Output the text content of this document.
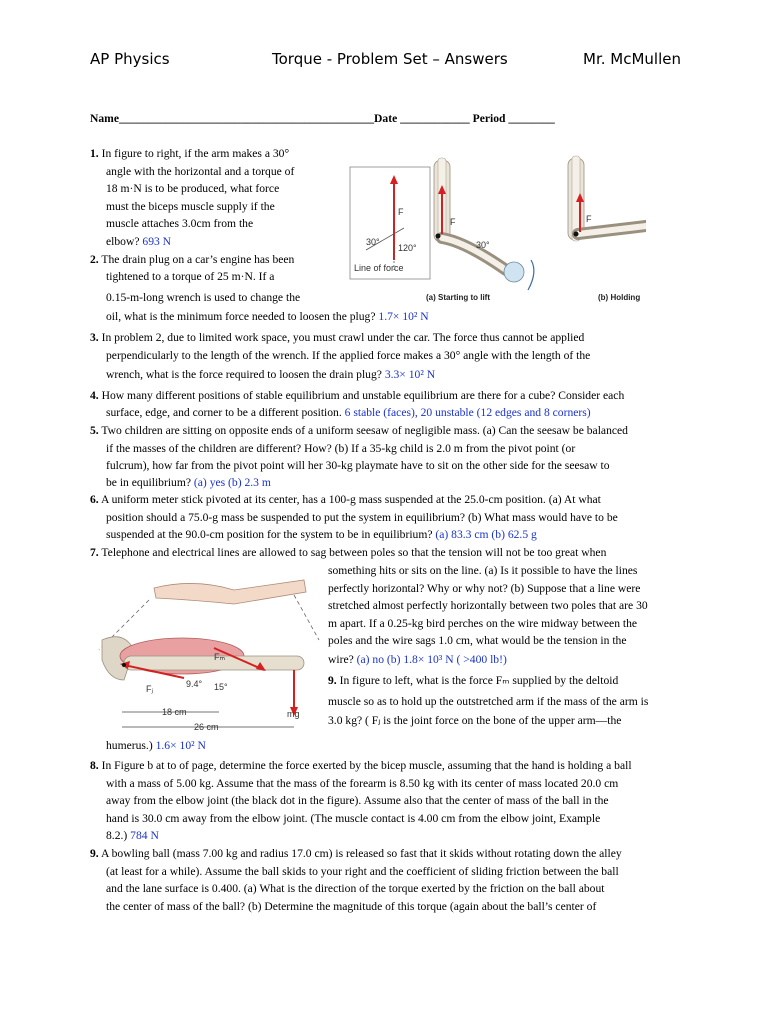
AP Physics	Torque - Problem Set – Answers	Mr. McMullen
Name____________________________________________Date ____________ Period ________
1. In figure to right, if the arm makes a 30°
angle with the horizontal and a torque of
18 m·N is to be produced, what force
must the biceps muscle supply if the
muscle attaches 3.0cm from the
elbow? 693 N
2. The drain plug on a car’s engine has been
tightened to a torque of 25 m·N. If a
0.15-m-long wrench is used to change the
oil, what is the minimum force needed to loosen the plug? 1.7× 10² N
30°
120°
F
Line of force
F
30°
F
(a) Starting to lift	(b) Holding
3. In problem 2, due to limited work space, you must crawl under the car. The force thus cannot be applied
perpendicularly to the length of the wrench. If the applied force makes a 30° angle with the length of the
wrench, what is the force required to loosen the drain plug? 3.3× 10² N
4. How many different positions of stable equilibrium and unstable equilibrium are there for a cube? Consider each
surface, edge, and corner to be a different position. 6 stable (faces), 20 unstable (12 edges and 8 corners)
5. Two children are sitting on opposite ends of a uniform seesaw of negligible mass. (a) Can the seesaw be balanced
if the masses of the children are different? How? (b) If a 35-kg child is 2.0 m from the pivot point (or
fulcrum), how far from the pivot point will her 30-kg playmate have to sit on the other side for the seesaw to
be in equilibrium? (a) yes (b) 2.3 m
6. A uniform meter stick pivoted at its center, has a 100-g mass suspended at the 25.0-cm position. (a) At what
position should a 75.0-g mass be suspended to put the system in equilibrium? (b) What mass would have to be
suspended at the 90.0-cm position for the system to be in equilibrium? (a) 83.3 cm (b) 62.5 g
7. Telephone and electrical lines are allowed to sag between poles so that the tension will not be too great when
something hits or sits on the line. (a) Is it possible to have the lines
perfectly horizontal? Why or why not? (b) Suppose that a line were
stretched almost perfectly horizontally between two poles that are 30
m apart. If a 0.25-kg bird perches on the wire midway between the
poles and the wire sags 1.0 cm, what would be the tension in the
wire? (a) no (b) 1.8× 10³ N ( >400 lb!)
Fₘ
Fⱼ	9.4° 15°
mg
18 cm
26 cm
9. In figure to left, what is the force Fₘ supplied by the deltoid
muscle so as to hold up the outstretched arm if the mass of the arm is
3.0 kg? ( Fⱼ is the joint force on the bone of the upper arm—the
humerus.) 1.6× 10² N
8. In Figure b at to of page, determine the force exerted by the bicep muscle, assuming that the hand is holding a ball
with a mass of 5.00 kg. Assume that the mass of the forearm is 8.50 kg with its center of mass located 20.0 cm
away from the elbow joint (the black dot in the figure). Assume also that the center of mass of the ball in the
hand is 30.0 cm away from the elbow joint. (The muscle contact is 4.00 cm from the elbow joint, Example
8.2.) 784 N
9. A bowling ball (mass 7.00 kg and radius 17.0 cm) is released so fast that it skids without rotating down the alley
(at least for a while). Assume the ball skids to your right and the coefficient of sliding friction between the ball
and the lane surface is 0.400. (a) What is the direction of the torque exerted by the friction on the ball about
the center of mass of the ball? (b) Determine the magnitude of this torque (again about the ball’s center of
